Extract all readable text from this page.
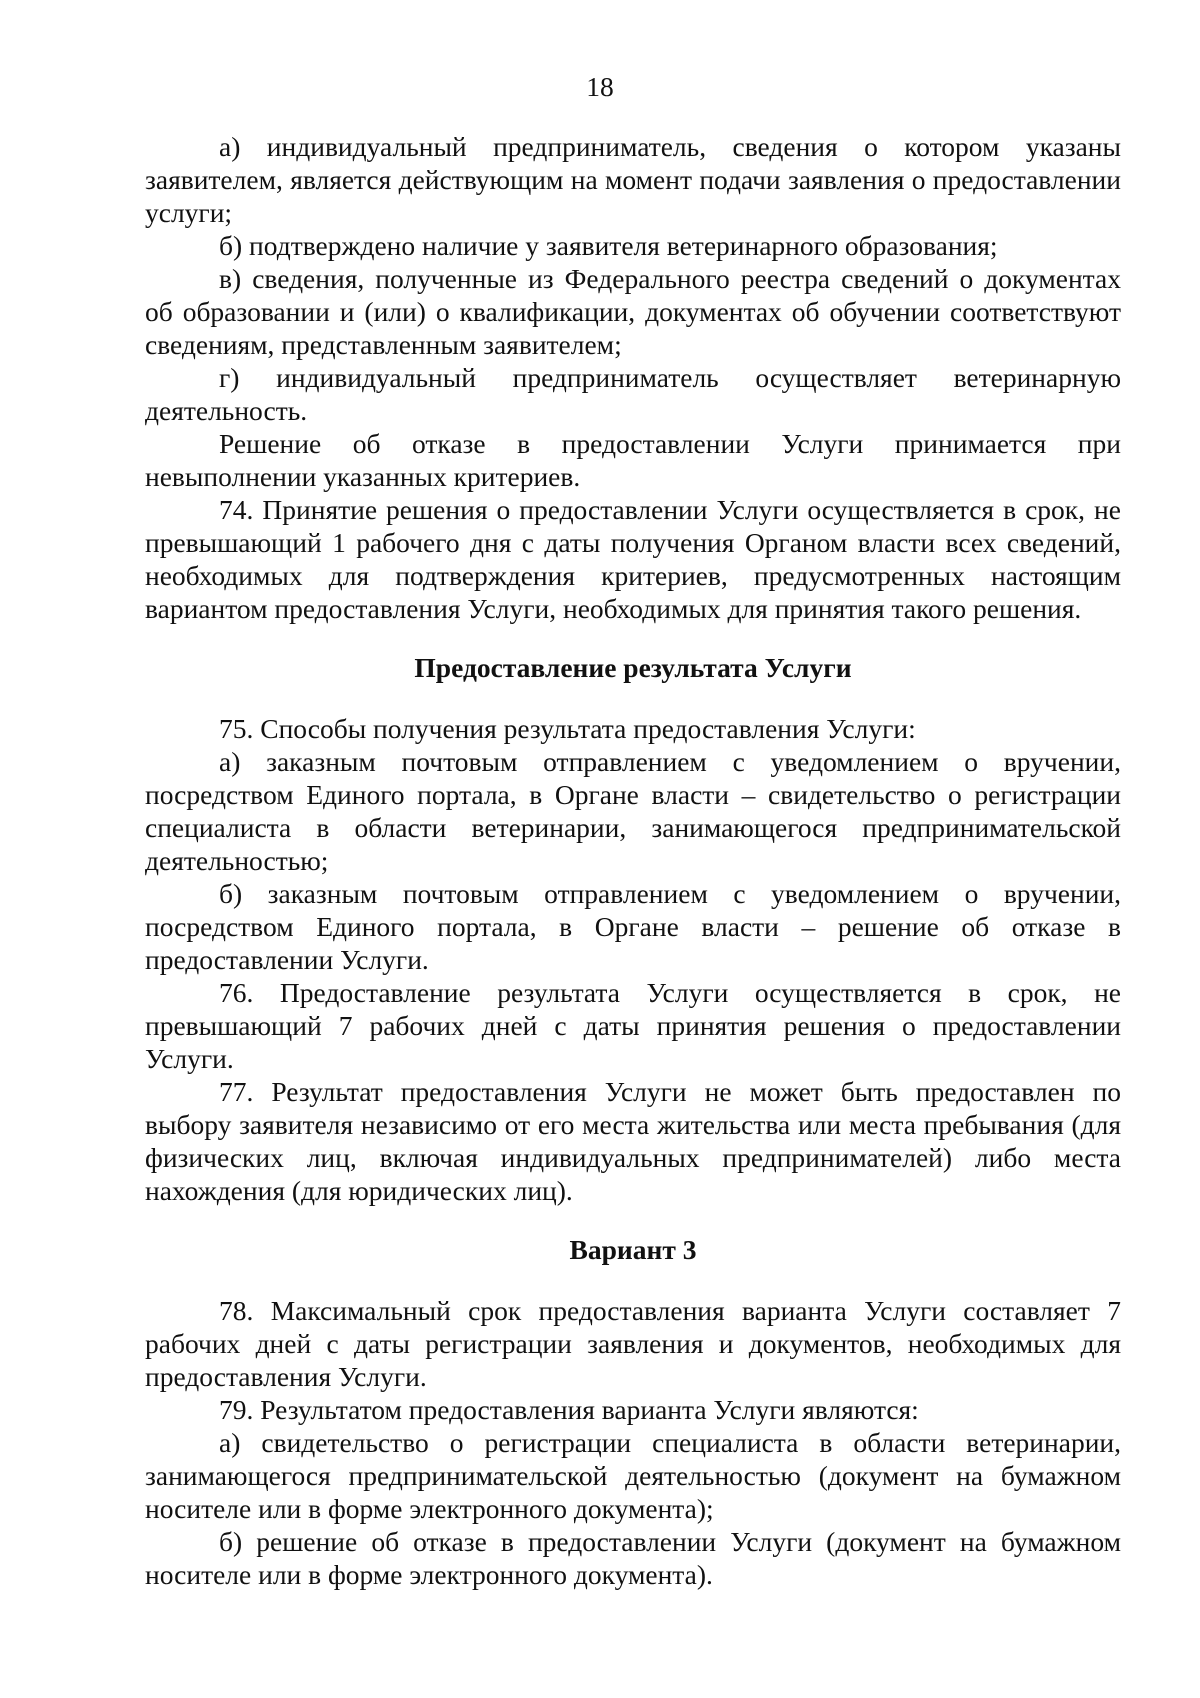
18

а) индивидуальный предприниматель, сведения о котором указаны заявителем, является действующим на момент подачи заявления о предоставлении услуги;

б) подтверждено наличие у заявителя ветеринарного образования;

в) сведения, полученные из Федерального реестра сведений о документах об образовании и (или) о квалификации, документах об обучении соответствуют сведениям, представленным заявителем;

г) индивидуальный предприниматель осуществляет ветеринарную деятельность.

Решение об отказе в предоставлении Услуги принимается при невыполнении указанных критериев.

74. Принятие решения о предоставлении Услуги осуществляется в срок, не превышающий 1 рабочего дня с даты получения Органом власти всех сведений, необходимых для подтверждения критериев, предусмотренных настоящим вариантом предоставления Услуги, необходимых для принятия такого решения.

Предоставление результата Услуги

75. Способы получения результата предоставления Услуги:

а) заказным почтовым отправлением с уведомлением о вручении, посредством Единого портала, в Органе власти – свидетельство о регистрации специалиста в области ветеринарии, занимающегося предпринимательской деятельностью;

б) заказным почтовым отправлением с уведомлением о вручении, посредством Единого портала, в Органе власти – решение об отказе в предоставлении Услуги.

76. Предоставление результата Услуги осуществляется в срок, не превышающий 7 рабочих дней с даты принятия решения о предоставлении Услуги.

77. Результат предоставления Услуги не может быть предоставлен по выбору заявителя независимо от его места жительства или места пребывания (для физических лиц, включая индивидуальных предпринимателей) либо места нахождения (для юридических лиц).

Вариант 3

78. Максимальный срок предоставления варианта Услуги составляет 7 рабочих дней с даты регистрации заявления и документов, необходимых для предоставления Услуги.

79. Результатом предоставления варианта Услуги являются:

а) свидетельство о регистрации специалиста в области ветеринарии, занимающегося предпринимательской деятельностью (документ на бумажном носителе или в форме электронного документа);

б) решение об отказе в предоставлении Услуги (документ на бумажном носителе или в форме электронного документа).
